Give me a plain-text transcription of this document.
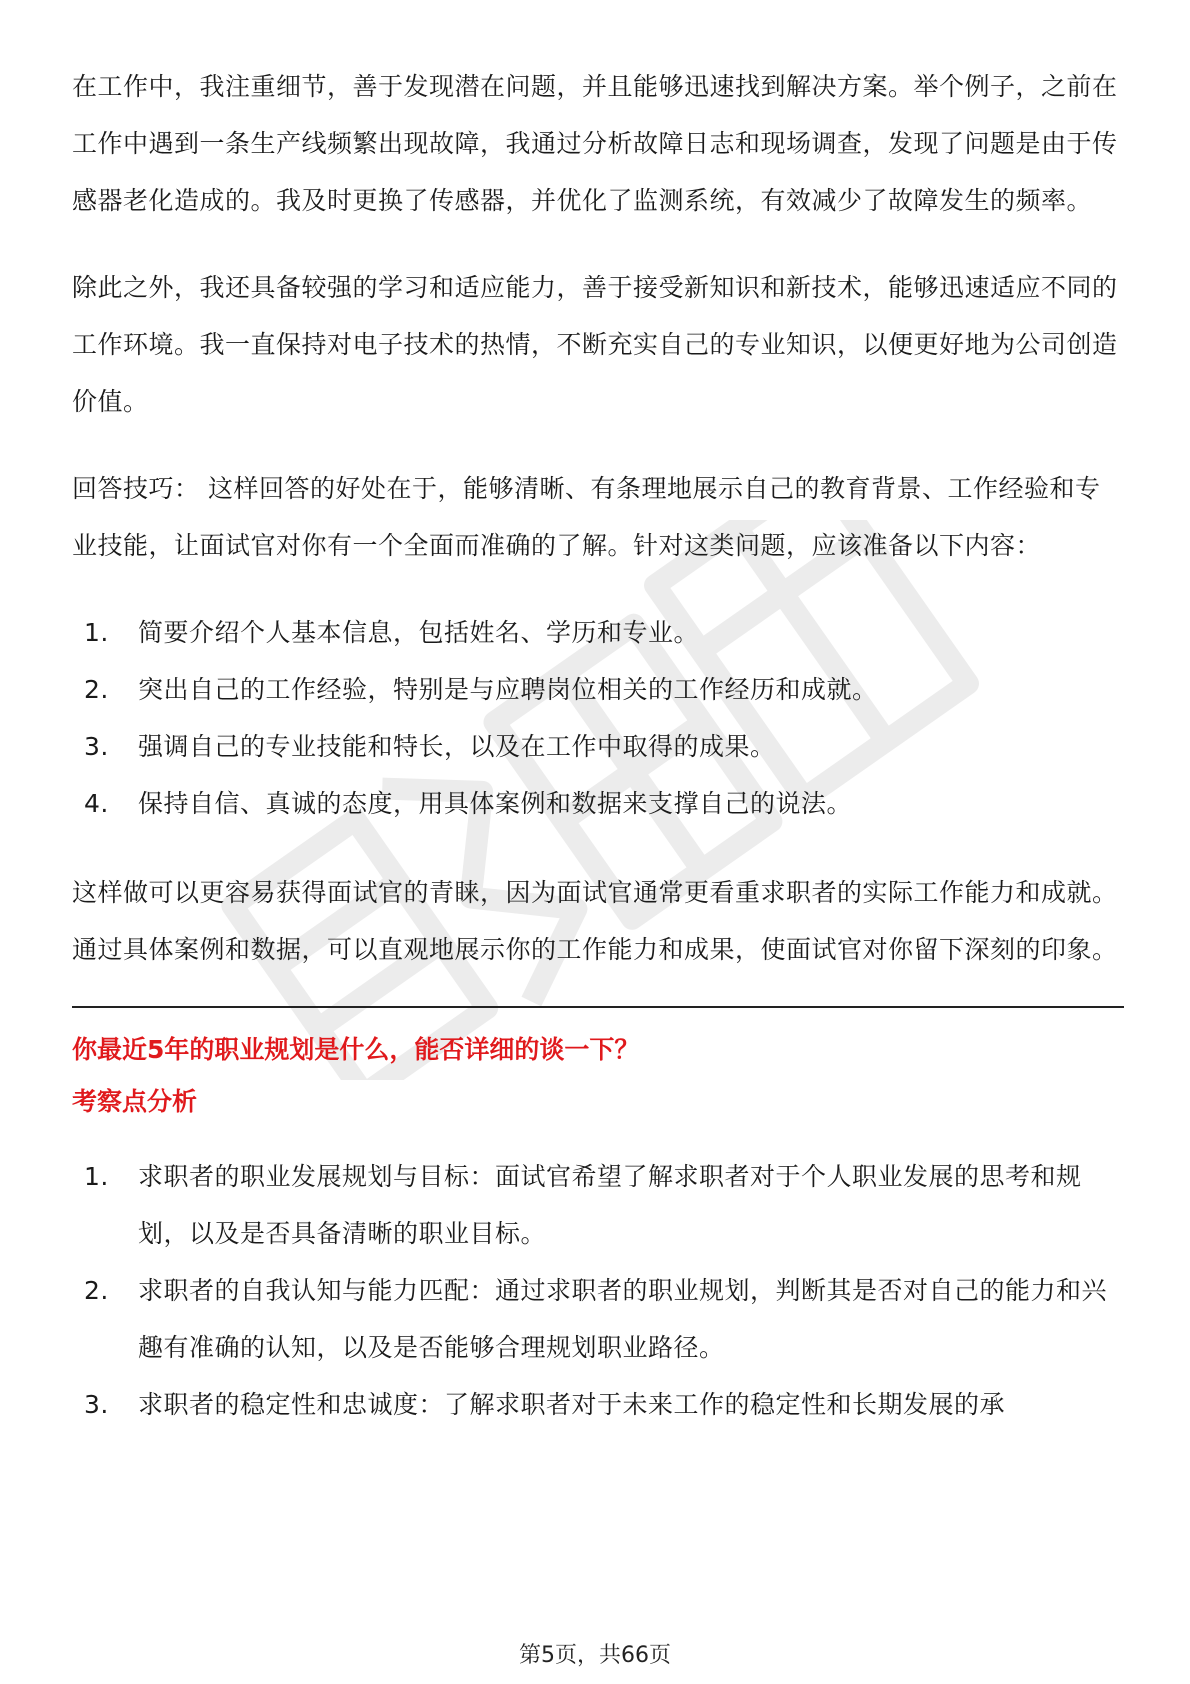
在工作中，我注重细节，善于发现潜在问题，并且能够迅速找到解决方案。举个例子，之前在工作中遇到一条生产线频繁出现故障，我通过分析故障日志和现场调查，发现了问题是由于传感器老化造成的。我及时更换了传感器，并优化了监测系统，有效减少了故障发生的频率。

除此之外，我还具备较强的学习和适应能力，善于接受新知识和新技术，能够迅速适应不同的工作环境。我一直保持对电子技术的热情，不断充实自己的专业知识，以便更好地为公司创造价值。

回答技巧： 这样回答的好处在于，能够清晰、有条理地展示自己的教育背景、工作经验和专业技能，让面试官对你有一个全面而准确的了解。针对这类问题，应该准备以下内容：

1.	简要介绍个人基本信息，包括姓名、学历和专业。
2.	突出自己的工作经验，特别是与应聘岗位相关的工作经历和成就。
3.	强调自己的专业技能和特长，以及在工作中取得的成果。
4.	保持自信、真诚的态度，用具体案例和数据来支撑自己的说法。

这样做可以更容易获得面试官的青睐，因为面试官通常更看重求职者的实际工作能力和成就。通过具体案例和数据，可以直观地展示你的工作能力和成果，使面试官对你留下深刻的印象。

你最近5年的职业规划是什么，能否详细的谈一下？

考察点分析

1.	求职者的职业发展规划与目标：面试官希望了解求职者对于个人职业发展的思考和规划，以及是否具备清晰的职业目标。
2.	求职者的自我认知与能力匹配：通过求职者的职业规划，判断其是否对自己的能力和兴趣有准确的认知，以及是否能够合理规划职业路径。
3.	求职者的稳定性和忠诚度：了解求职者对于未来工作的稳定性和长期发展的承
第5页，共66页
